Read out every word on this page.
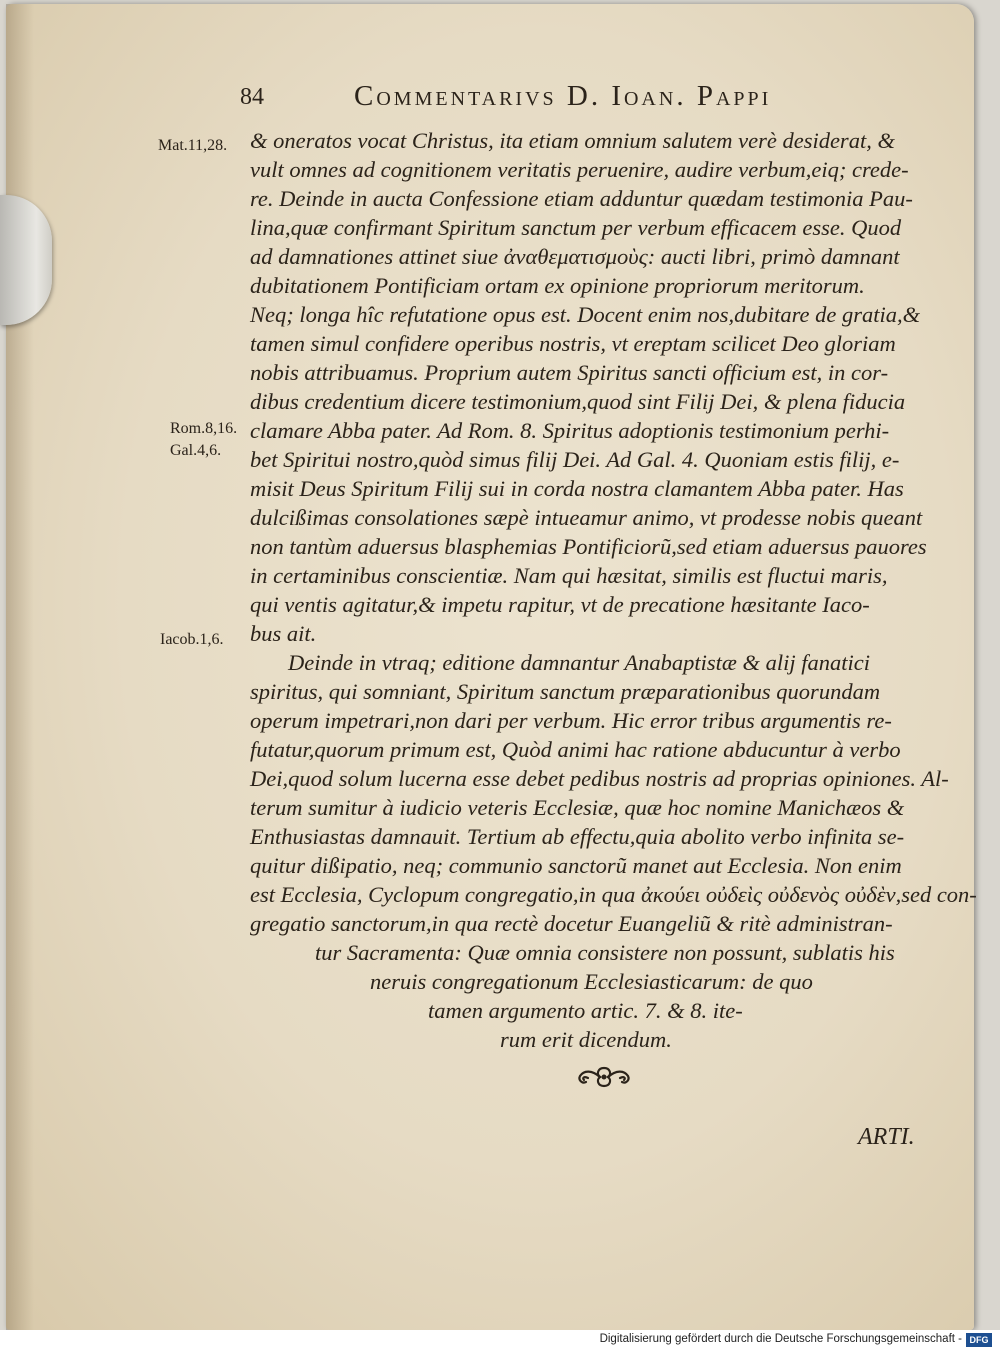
84	Commentarivs D. Ioan. Pappi
Mat.11,28.
Rom.8,16.
Gal.4,6.
Iacob.1,6.
& oneratos vocat Christus, ita etiam omnium salutem verè desiderat, &
vult omnes ad cognitionem veritatis peruenire, audire verbum,eiq; crede-
re. Deinde in aucta Confessione etiam adduntur quædam testimonia Pau-
lina,quæ confirmant Spiritum sanctum per verbum efficacem esse. Quod
ad damnationes attinet siue ἀναθεματισμοὺς: aucti libri, primò damnant
dubitationem Pontificiam ortam ex opinione propriorum meritorum.
Neq; longa hîc refutatione opus est. Docent enim nos,dubitare de gratia,&
tamen simul confidere operibus nostris, vt ereptam scilicet Deo gloriam
nobis attribuamus. Proprium autem Spiritus sancti officium est, in cor-
dibus credentium dicere testimonium,quod sint Filij Dei, & plena fiducia
clamare Abba pater. Ad Rom. 8. Spiritus adoptionis testimonium perhi-
bet Spiritui nostro,quòd simus filij Dei. Ad Gal. 4. Quoniam estis filij, e-
misit Deus Spiritum Filij sui in corda nostra clamantem Abba pater. Has
dulcißimas consolationes sæpè intueamur animo, vt prodesse nobis queant
non tantùm aduersus blasphemias Pontificiorũ,sed etiam aduersus pauores
in certaminibus conscientiæ. Nam qui hæsitat, similis est fluctui maris,
qui ventis agitatur,& impetu rapitur, vt de precatione hæsitante Iaco-
bus ait.
Deinde in vtraq; editione damnantur Anabaptistæ & alij fanatici
spiritus, qui somniant, Spiritum sanctum præparationibus quorundam
operum impetrari,non dari per verbum. Hic error tribus argumentis re-
futatur,quorum primum est, Quòd animi hac ratione abducuntur à verbo
Dei,quod solum lucerna esse debet pedibus nostris ad proprias opiniones. Al-
terum sumitur à iudicio veteris Ecclesiæ, quæ hoc nomine Manichæos &
Enthusiastas damnauit. Tertium ab effectu,quia abolito verbo infinita se-
quitur dißipatio, neq; communio sanctorũ manet aut Ecclesia. Non enim
est Ecclesia, Cyclopum congregatio,in qua ἀκούει οὐδεὶς οὐδενὸς οὐδὲν,sed con-
gregatio sanctorum,in qua rectè docetur Euangeliũ & ritè administran-
tur Sacramenta: Quæ omnia consistere non possunt, sublatis his
neruis congregationum Ecclesiasticarum: de quo
tamen argumento artic. 7. & 8. ite-
rum erit dicendum.
ARTI.
Digitalisierung gefördert durch die Deutsche Forschungsgemeinschaft - DFG
